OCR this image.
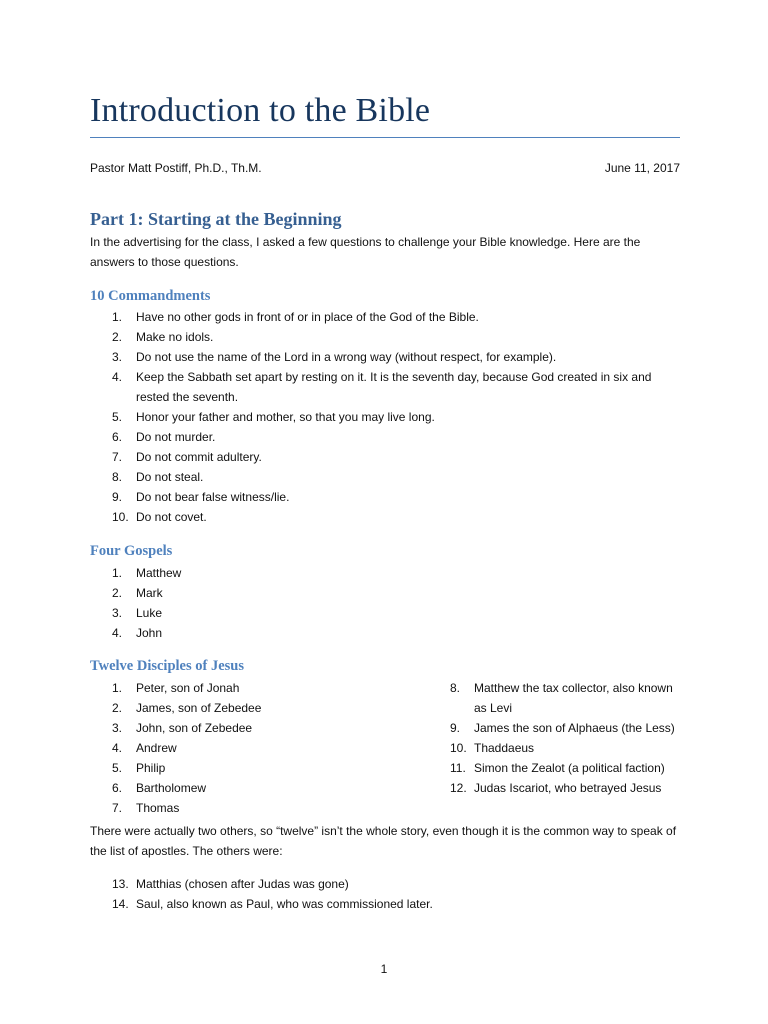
Introduction to the Bible
Pastor Matt Postiff, Ph.D., Th.M.	June 11, 2017
Part 1: Starting at the Beginning
In the advertising for the class, I asked a few questions to challenge your Bible knowledge. Here are the answers to those questions.
10 Commandments
1. Have no other gods in front of or in place of the God of the Bible.
2. Make no idols.
3. Do not use the name of the Lord in a wrong way (without respect, for example).
4. Keep the Sabbath set apart by resting on it. It is the seventh day, because God created in six and rested the seventh.
5. Honor your father and mother, so that you may live long.
6. Do not murder.
7. Do not commit adultery.
8. Do not steal.
9. Do not bear false witness/lie.
10. Do not covet.
Four Gospels
1. Matthew
2. Mark
3. Luke
4. John
Twelve Disciples of Jesus
1. Peter, son of Jonah
2. James, son of Zebedee
3. John, son of Zebedee
4. Andrew
5. Philip
6. Bartholomew
7. Thomas
8. Matthew the tax collector, also known as Levi
9. James the son of Alphaeus (the Less)
10. Thaddaeus
11. Simon the Zealot (a political faction)
12. Judas Iscariot, who betrayed Jesus
There were actually two others, so “twelve” isn’t the whole story, even though it is the common way to speak of the list of apostles. The others were:
13. Matthias (chosen after Judas was gone)
14. Saul, also known as Paul, who was commissioned later.
1
